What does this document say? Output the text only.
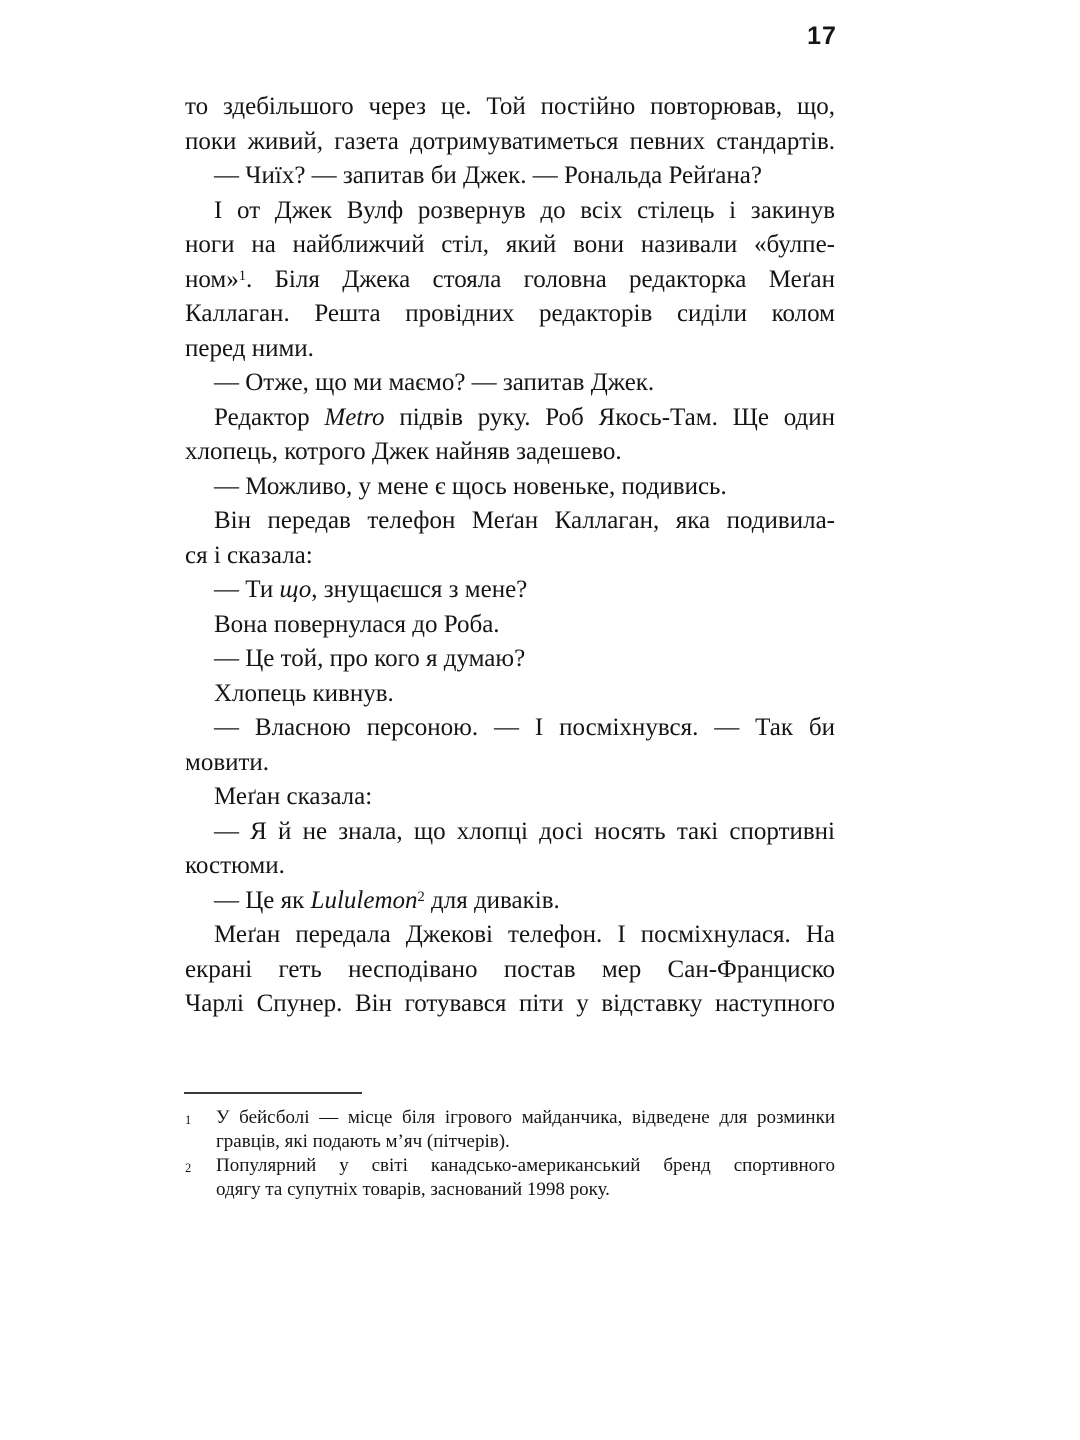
17
то здебільшого через це. Той постійно повторював, що,
поки живий, газета дотримуватиметься певних стандартів.
— Чиїх? — запитав би Джек. — Рональда Рейґана?
І от Джек Вулф розвернув до всіх стілець і закинув
ноги на найближчий стіл, який вони називали «булпе-
ном»$^1$. Біля Джека стояла головна редакторка Меґан
Каллаган. Решта провідних редакторів сиділи колом
перед ними.
— Отже, що ми маємо? — запитав Джек.
Редактор Metro підвів руку. Роб Якось-Там. Ще один
хлопець, котрого Джек найняв задешево.
— Можливо, у мене є щось новеньке, подивись.
Він передав телефон Меґан Каллаган, яка подивила-
ся і сказала:
— Ти що, знущаєшся з мене?
Вона повернулася до Роба.
— Це той, про кого я думаю?
Хлопець кивнув.
— Власною персоною. — І посміхнувся. — Так би
мовити.
Меґан сказала:
— Я й не знала, що хлопці досі носять такі спортивні
костюми.
— Це як Lululemon$^2$ для диваків.
Меґан передала Джекові телефон. І посміхнулася. На
екрані геть несподівано постав мер Сан-Франциско
Чарлі Спунер. Він готувався піти у відставку наступного
1	У бейсболі — місце біля ігрового майданчика, відведене для розминки
гравців, які подають м’яч (пітчерів).
2	Популярний у світі канадсько-американський бренд спортивного
одягу та супутніх товарів, заснований 1998 року.
